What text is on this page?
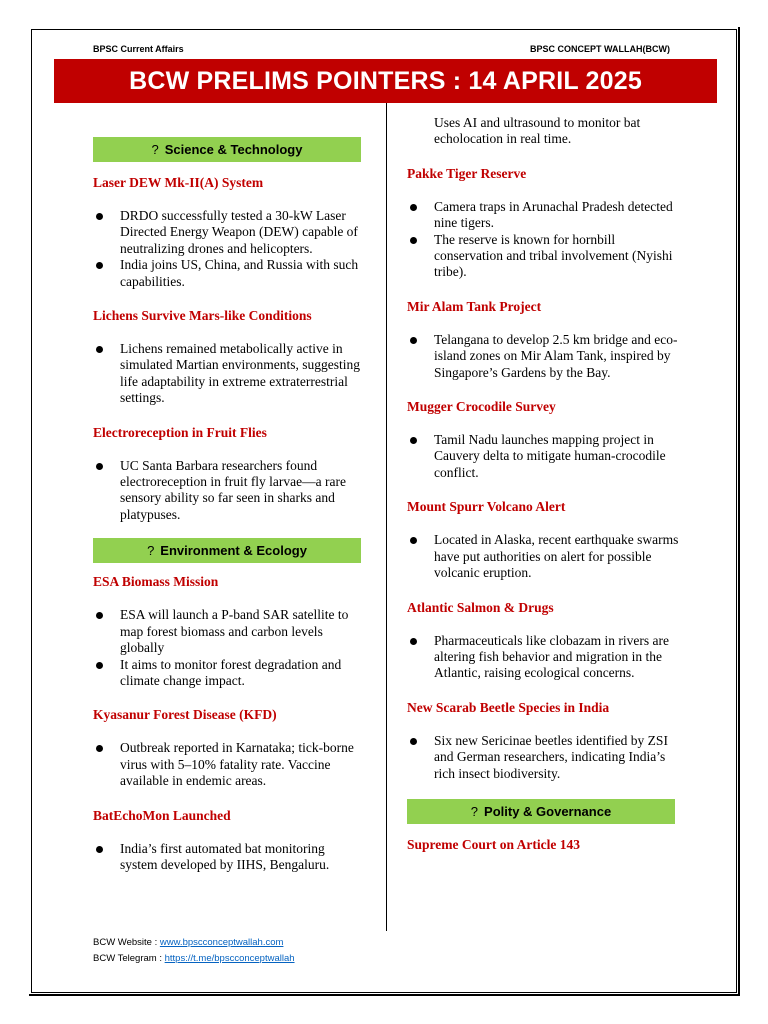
BPSC Current Affairs	BPSC CONCEPT WALLAH(BCW)
BCW PRELIMS POINTERS : 14 APRIL 2025
? Science & Technology
Laser DEW Mk-II(A) System
DRDO successfully tested a 30-kW Laser Directed Energy Weapon (DEW) capable of neutralizing drones and helicopters.
India joins US, China, and Russia with such capabilities.
Lichens Survive Mars-like Conditions
Lichens remained metabolically active in simulated Martian environments, suggesting life adaptability in extreme extraterrestrial settings.
Electroreception in Fruit Flies
UC Santa Barbara researchers found electroreception in fruit fly larvae—a rare sensory ability so far seen in sharks and platypuses.
? Environment & Ecology
ESA Biomass Mission
ESA will launch a P-band SAR satellite to map forest biomass and carbon levels globally
It aims to monitor forest degradation and climate change impact.
Kyasanur Forest Disease (KFD)
Outbreak reported in Karnataka; tick-borne virus with 5–10% fatality rate. Vaccine available in endemic areas.
BatEchoMon Launched
India’s first automated bat monitoring system developed by IIHS, Bengaluru.
Uses AI and ultrasound to monitor bat echolocation in real time.
Pakke Tiger Reserve
Camera traps in Arunachal Pradesh detected nine tigers.
The reserve is known for hornbill conservation and tribal involvement (Nyishi tribe).
Mir Alam Tank Project
Telangana to develop 2.5 km bridge and eco-island zones on Mir Alam Tank, inspired by Singapore’s Gardens by the Bay.
Mugger Crocodile Survey
Tamil Nadu launches mapping project in Cauvery delta to mitigate human-crocodile conflict.
Mount Spurr Volcano Alert
Located in Alaska, recent earthquake swarms have put authorities on alert for possible volcanic eruption.
Atlantic Salmon & Drugs
Pharmaceuticals like clobazam in rivers are altering fish behavior and migration in the Atlantic, raising ecological concerns.
New Scarab Beetle Species in India
Six new Sericinae beetles identified by ZSI and German researchers, indicating India’s rich insect biodiversity.
? Polity & Governance
Supreme Court on Article 143
BCW Website : www.bpscconceptwallah.com
BCW Telegram : https://t.me/bpscconceptwallah
